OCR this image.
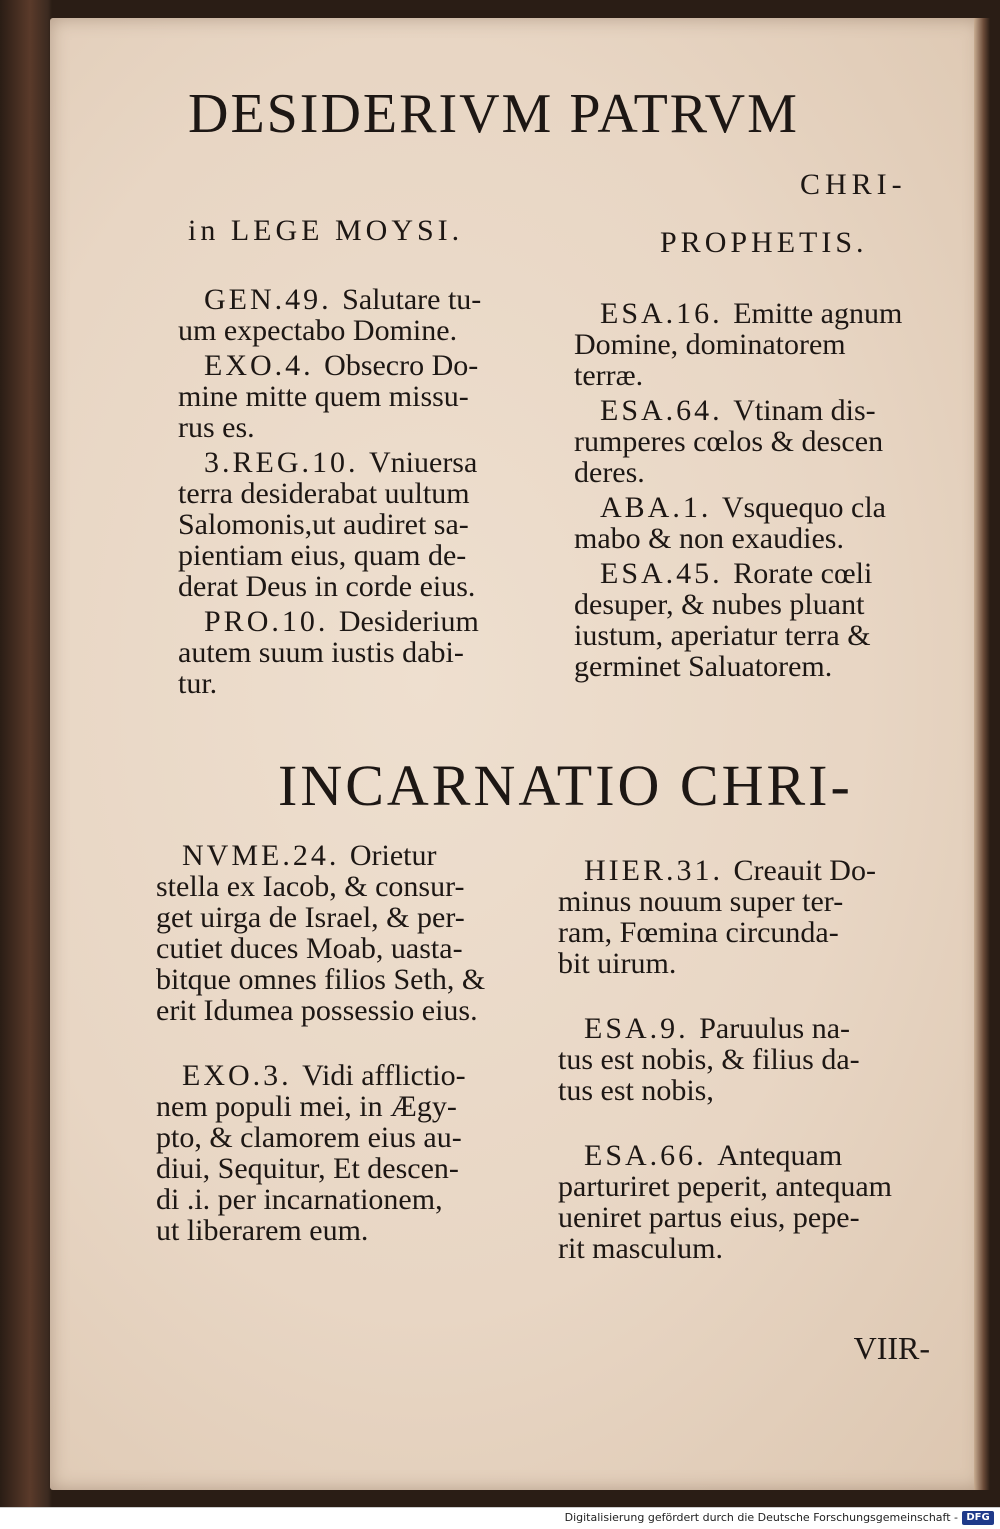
DESIDERIVM PATRVM
CHRI-
in LEGE MOYSI.	PROPHETIS.
GEN.49. Salutare tu-
um expectabo Domine.
EXO.4. Obsecro Do-
mine mitte quem missu-
rus es.
3.REG.10. Vniuersa
terra desiderabat uultum
Salomonis,ut audiret sa-
pientiam eius, quam de-
derat Deus in corde eius.
PRO.10. Desiderium
autem suum iustis dabi-
tur.
ESA.16. Emitte agnum
Domine, dominatorem
terræ.
ESA.64. Vtinam dis-
rumperes cœlos & descen
deres.
ABA.1. Vsquequo cla
mabo & non exaudies.
ESA.45. Rorate cœli
desuper, & nubes pluant
iustum, aperiatur terra &
germinet Saluatorem.
INCARNATIO CHRI-
NVME.24. Orietur
stella ex Iacob, & consur-
get uirga de Israel, & per-
cutiet duces Moab, uasta-
bitque omnes filios Seth, &
erit Idumea possessio eius.
EXO.3. Vidi afflictio-
nem populi mei, in Ægy-
pto, & clamorem eius au-
diui, Sequitur, Et descen-
di .i. per incarnationem,
ut liberarem eum.
HIER.31. Creauit Do-
minus nouum super ter-
ram, Fœmina circunda-
bit uirum.
ESA.9. Paruulus na-
tus est nobis, & filius da-
tus est nobis,
ESA.66. Antequam
parturiret peperit, antequam
ueniret partus eius, pepe-
rit masculum.
VIIR-
Digitalisierung gefördert durch die Deutsche Forschungsgemeinschaft - DFG
